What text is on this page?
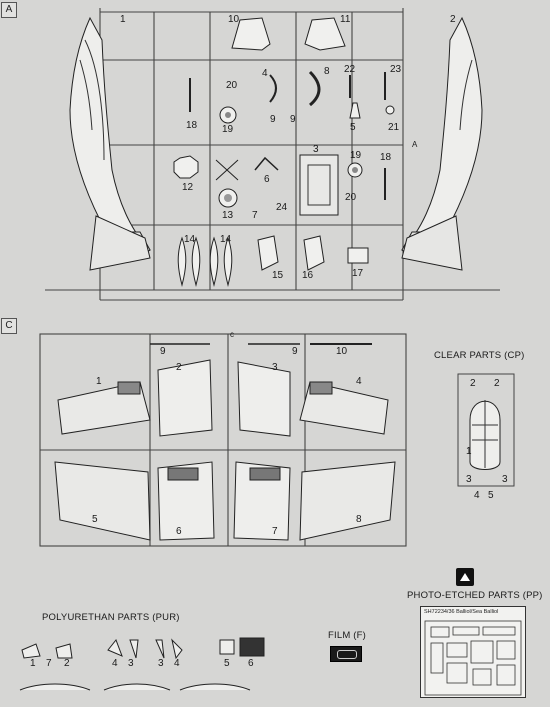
A
1	2
10	11
20
4	8 22	23
9 9
18 19	5	21
A
3
19 18
12
6
20
24
13 7
14 14
15 16	17
C
9
c
9	10
1
2	3
4
5
6	7
8
CLEAR PARTS (CP)
2 2
1
3	3
4 5
PHOTO-ETCHED PARTS (PP)
SH72234/36 Balliol/Sea Balliol
POLYURETHAN PARTS (PUR)
1 7 2	4 3 3 4	5 6
FILM (F)
